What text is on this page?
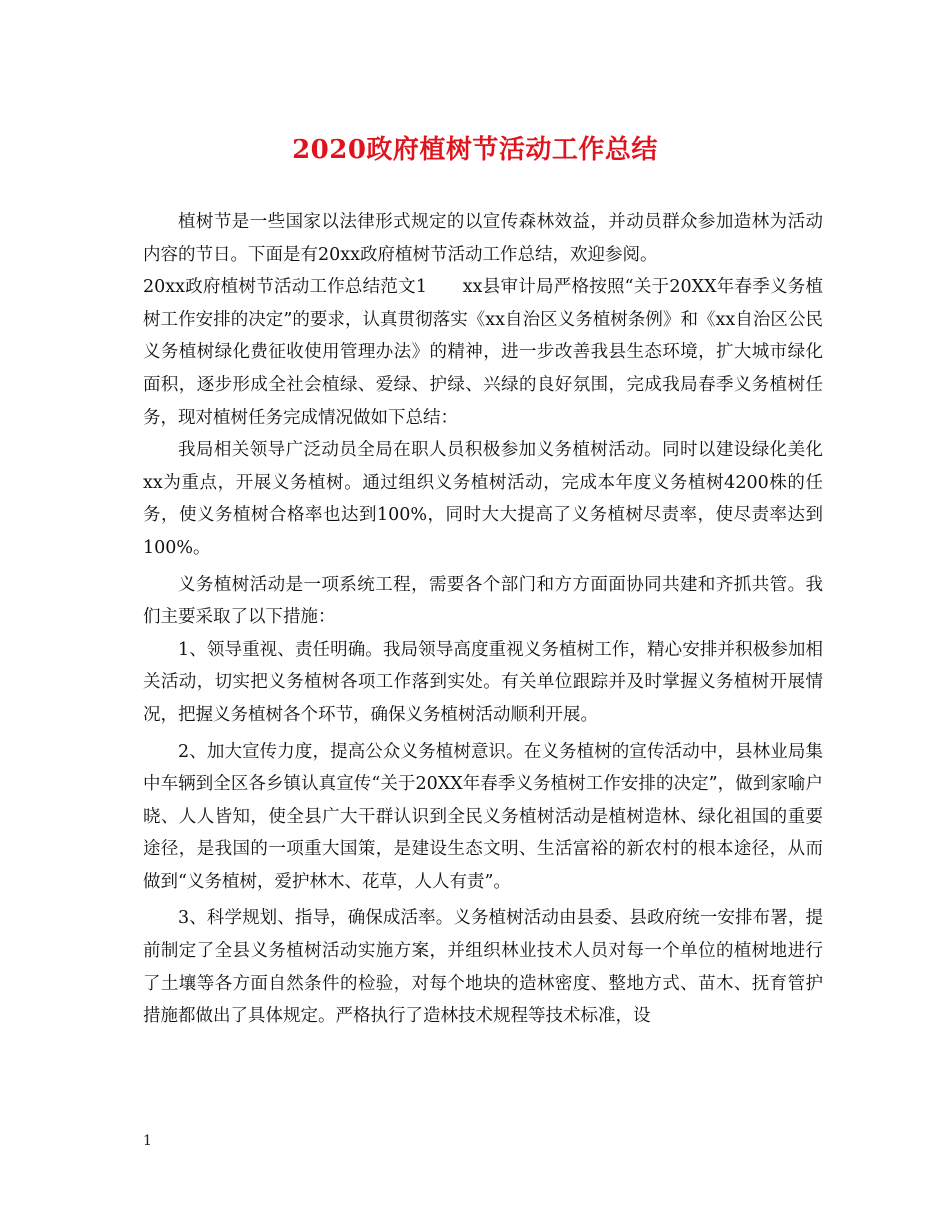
2020政府植树节活动工作总结

植树节是一些国家以法律形式规定的以宣传森林效益，并动员群众参加造林为活动内容的节日。下面是有20xx政府植树节活动工作总结，欢迎参阅。

20xx政府植树节活动工作总结范文1　　xx县审计局严格按照“关于20XX年春季义务植树工作安排的决定”的要求，认真贯彻落实《xx自治区义务植树条例》和《xx自治区公民义务植树绿化费征收使用管理办法》的精神，进一步改善我县生态环境，扩大城市绿化面积，逐步形成全社会植绿、爱绿、护绿、兴绿的良好氛围，完成我局春季义务植树任务，现对植树任务完成情况做如下总结：

我局相关领导广泛动员全局在职人员积极参加义务植树活动。同时以建设绿化美化xx为重点，开展义务植树。通过组织义务植树活动，完成本年度义务植树4200株的任务，使义务植树合格率也达到100%，同时大大提高了义务植树尽责率，使尽责率达到100%。

义务植树活动是一项系统工程，需要各个部门和方方面面协同共建和齐抓共管。我们主要采取了以下措施：

1、领导重视、责任明确。我局领导高度重视义务植树工作，精心安排并积极参加相关活动，切实把义务植树各项工作落到实处。有关单位跟踪并及时掌握义务植树开展情况，把握义务植树各个环节，确保义务植树活动顺利开展。

2、加大宣传力度，提高公众义务植树意识。在义务植树的宣传活动中，县林业局集中车辆到全区各乡镇认真宣传“关于20XX年春季义务植树工作安排的决定”，做到家喻户晓、人人皆知，使全县广大干群认识到全民义务植树活动是植树造林、绿化祖国的重要途径，是我国的一项重大国策，是建设生态文明、生活富裕的新农村的根本途径，从而做到“义务植树，爱护林木、花草，人人有责”。

3、科学规划、指导，确保成活率。义务植树活动由县委、县政府统一安排布署，提前制定了全县义务植树活动实施方案，并组织林业技术人员对每一个单位的植树地进行了土壤等各方面自然条件的检验，对每个地块的造林密度、整地方式、苗木、抚育管护措施都做出了具体规定。严格执行了造林技术规程等技术标准，设

1
